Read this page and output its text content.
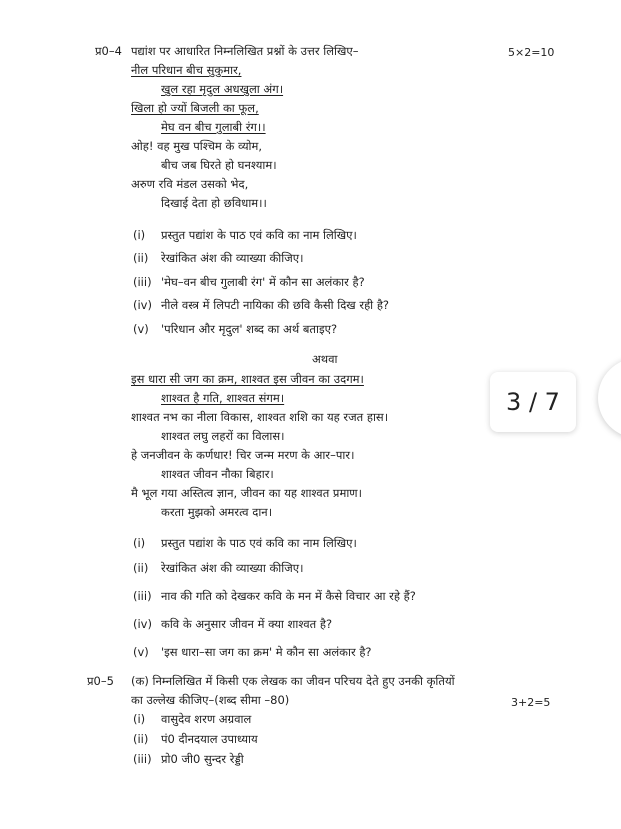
प्र0–4 पद्यांश पर आधारित निम्नलिखित प्रश्नों के उत्तर लिखिए–	5×2=10
नील परिधान बीच सुकुमार,
खुल रहा मृदुल अधखुला अंग।
खिला हो ज्यों बिजली का फूल,
मेघ वन बीच गुलाबी रंग।।
ओह! वह मुख पश्चिम के व्योम,
बीच जब घिरते हो घनश्याम।
अरुण रवि मंडल उसको भेद,
दिखाई देता हो छविधाम।।
(i) प्रस्तुत पद्यांश के पाठ एवं कवि का नाम लिखिए।
(ii) रेखांकित अंश की व्याख्या कीजिए।
(iii) 'मेघ–वन बीच गुलाबी रंग' में कौन सा अलंकार है?
(iv) नीले वस्त्र में लिपटी नायिका की छवि कैसी दिख रही है?
(v) 'परिधान और मृदुल' शब्द का अर्थ बताइए?
अथवा
इस धारा सी जग का क्रम, शाश्वत इस जीवन का उदगम।
शाश्वत है गति, शाश्वत संगम।
शाश्वत नभ का नीला विकास, शाश्वत शशि का यह रजत हास।
शाश्वत लघु लहरों का विलास।
हे जनजीवन के कर्णधार! चिर जन्म मरण के आर–पार।
शाश्वत जीवन नौका बिहार।
मै भूल गया अस्तित्व ज्ञान, जीवन का यह शाश्वत प्रमाण।
करता मुझको अमरत्व दान।
(i) प्रस्तुत पद्यांश के पाठ एवं कवि का नाम लिखिए।
(ii) रेखांकित अंश की व्याख्या कीजिए।
(iii) नाव की गति को देखकर कवि के मन में कैसे विचार आ रहे हैं?
(iv) कवि के अनुसार जीवन में क्या शाश्वत है?
(v) 'इस धारा–सा जग का क्रम' मे कौन सा अलंकार है?
प्र0–5 (क) निम्नलिखित में किसी एक लेखक का जीवन परिचय देते हुए उनकी कृतियों
का उल्लेख कीजिए–(शब्द सीमा –80)	3+2=5
(i) वासुदेव शरण अग्रवाल
(ii) पं0 दीनदयाल उपाध्याय
(iii) प्रो0 जी0 सुन्दर रेड्डी
3 / 7
